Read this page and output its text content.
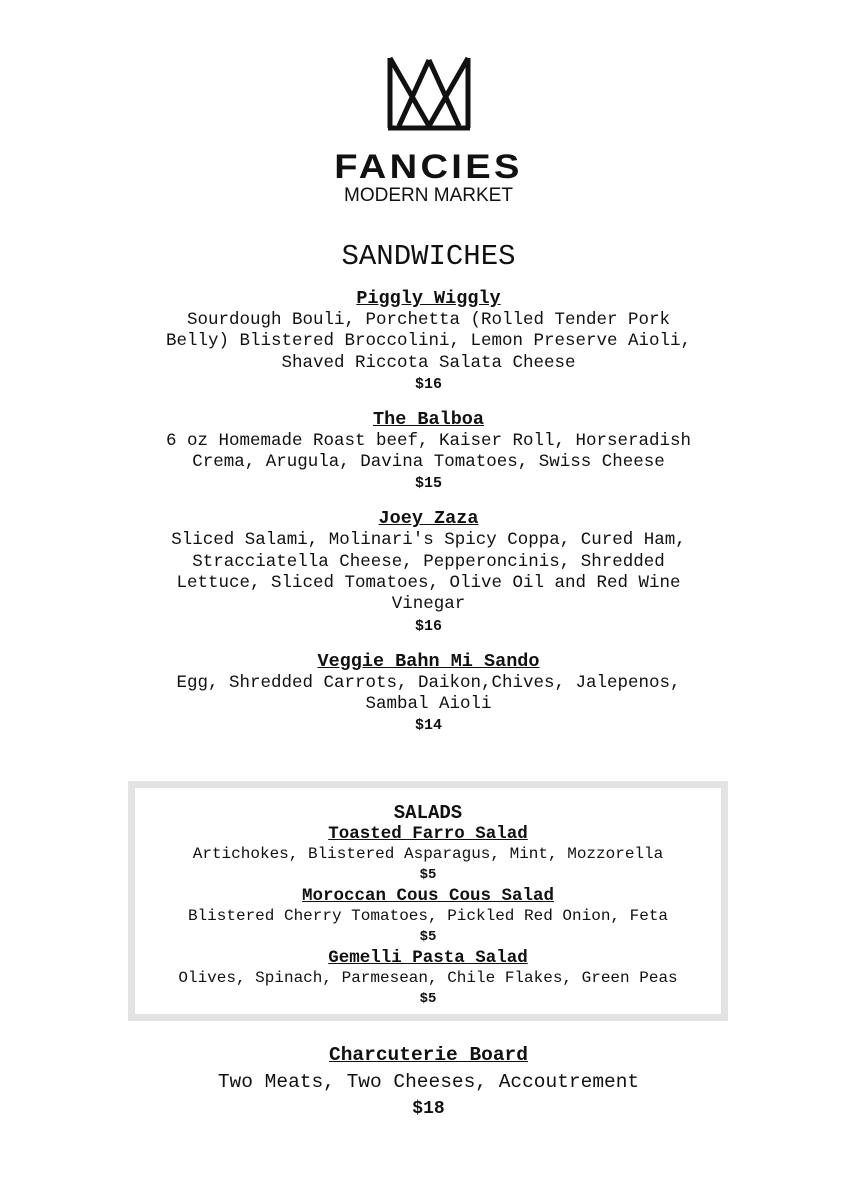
FANCIES
MODERN MARKET
SANDWICHES
Piggly Wiggly
Sourdough Bouli, Porchetta (Rolled Tender Pork Belly) Blistered Broccolini, Lemon Preserve Aioli, Shaved Riccota Salata Cheese
$16
The Balboa
6 oz Homemade Roast beef, Kaiser Roll, Horseradish Crema, Arugula, Davina Tomatoes, Swiss Cheese
$15
Joey Zaza
Sliced Salami, Molinari's Spicy Coppa, Cured Ham, Stracciatella Cheese, Pepperoncinis, Shredded Lettuce, Sliced Tomatoes, Olive Oil and Red Wine Vinegar
$16
Veggie Bahn Mi Sando
Egg, Shredded Carrots, Daikon,Chives, Jalepenos, Sambal Aioli
$14
SALADS
Toasted Farro Salad
Artichokes, Blistered Asparagus, Mint, Mozzorella
$5
Moroccan Cous Cous Salad
Blistered Cherry Tomatoes, Pickled Red Onion, Feta
$5
Gemelli Pasta Salad
Olives, Spinach, Parmesean, Chile Flakes, Green Peas
$5
Charcuterie Board
Two Meats, Two Cheeses, Accoutrement
$18
